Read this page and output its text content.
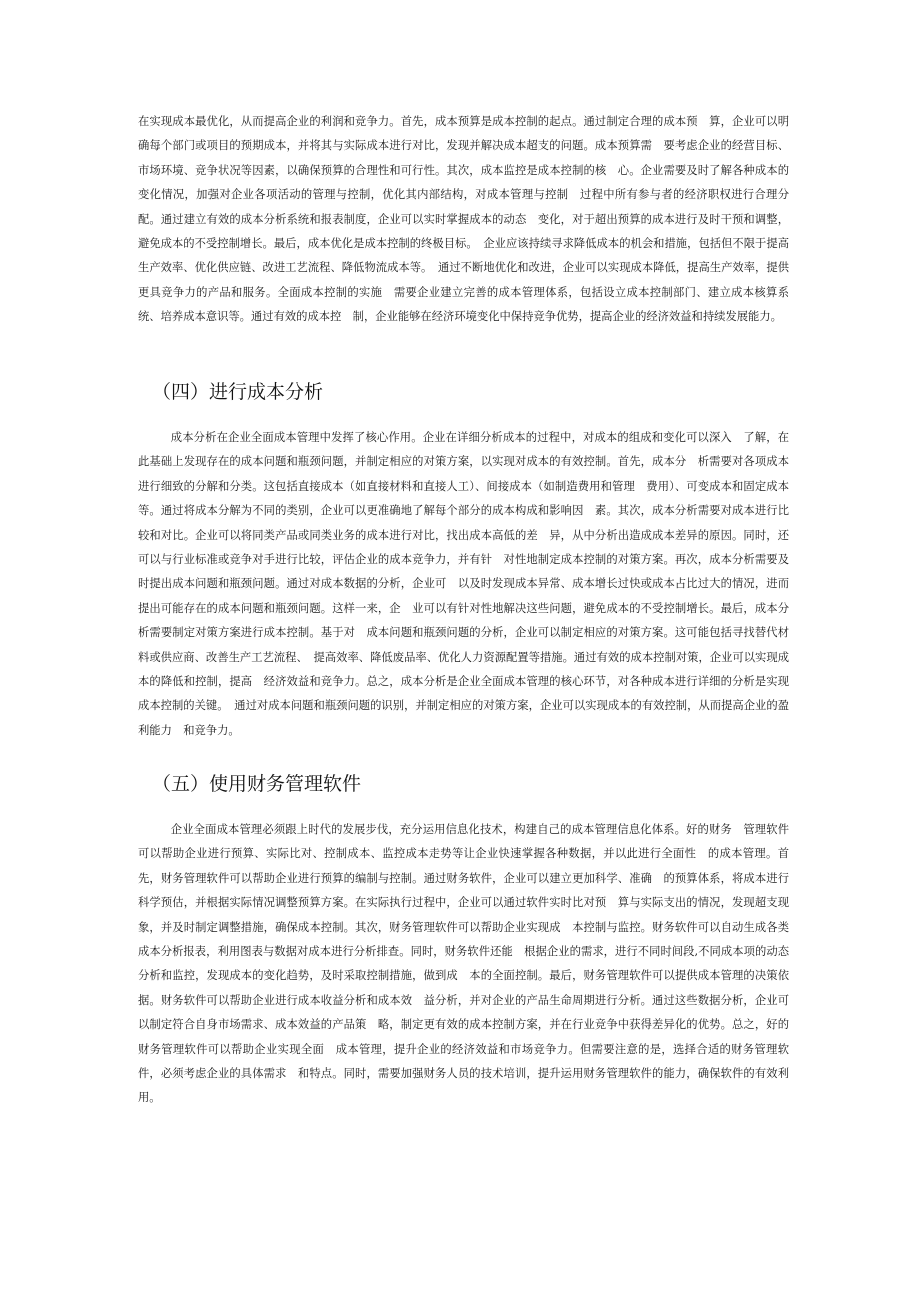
在实现成本最优化，从而提高企业的利润和竞争力。首先，成本预算是成本控制的起点。通过制定合理的成本预　算，企业可以明确每个部门或项目的预期成本，并将其与实际成本进行对比，发现并解决成本超支的问题。成本预算需　要考虑企业的经营目标、市场环境、竞争状况等因素，以确保预算的合理性和可行性。其次，成本监控是成本控制的核　心。企业需要及时了解各种成本的变化情况，加强对企业各项活动的管理与控制，优化其内部结构，对成本管理与控制　过程中所有参与者的经济职权进行合理分配。通过建立有效的成本分析系统和报表制度，企业可以实时掌握成本的动态　变化，对于超出预算的成本进行及时干预和调整，避免成本的不受控制增长。最后，成本优化是成本控制的终极目标。　企业应该持续寻求降低成本的机会和措施，包括但不限于提高生产效率、优化供应链、改进工艺流程、降低物流成本等。　通过不断地优化和改进，企业可以实现成本降低，提高生产效率，提供更具竞争力的产品和服务。全面成本控制的实施　需要企业建立完善的成本管理体系，包括设立成本控制部门、建立成本核算系统、培养成本意识等。通过有效的成本控　制，企业能够在经济环境变化中保持竞争优势，提高企业的经济效益和持续发展能力。

（四）进行成本分析

成本分析在企业全面成本管理中发挥了核心作用。企业在详细分析成本的过程中，对成本的组成和变化可以深入　了解，在此基础上发现存在的成本问题和瓶颈问题，并制定相应的对策方案，以实现对成本的有效控制。首先，成本分　析需要对各项成本进行细致的分解和分类。这包括直接成本（如直接材料和直接人工）、间接成本（如制造费用和管理　费用）、可变成本和固定成本等。通过将成本分解为不同的类别，企业可以更准确地了解每个部分的成本构成和影响因　素。其次，成本分析需要对成本进行比较和对比。企业可以将同类产品或同类业务的成本进行对比，找出成本高低的差　异，从中分析出造成成本差异的原因。同时，还可以与行业标准或竞争对手进行比较，评估企业的成本竞争力，并有针　对性地制定成本控制的对策方案。再次，成本分析需要及时提出成本问题和瓶颈问题。通过对成本数据的分析，企业可　以及时发现成本异常、成本增长过快或成本占比过大的情况，进而提出可能存在的成本问题和瓶颈问题。这样一来，企　业可以有针对性地解决这些问题，避免成本的不受控制增长。最后，成本分析需要制定对策方案进行成本控制。基于对　成本问题和瓶颈问题的分析，企业可以制定相应的对策方案。这可能包括寻找替代材料或供应商、改善生产工艺流程、　提高效率、降低废品率、优化人力资源配置等措施。通过有效的成本控制对策，企业可以实现成本的降低和控制，提高　经济效益和竞争力。总之，成本分析是企业全面成本管理的核心环节，对各种成本进行详细的分析是实现成本控制的关键。　通过对成本问题和瓶颈问题的识别，并制定相应的对策方案，企业可以实现成本的有效控制，从而提高企业的盈利能力　和竞争力。

（五）使用财务管理软件

企业全面成本管理必须跟上时代的发展步伐，充分运用信息化技术，构建自己的成本管理信息化体系。好的财务　管理软件可以帮助企业进行预算、实际比对、控制成本、监控成本走势等让企业快速掌握各种数据，并以此进行全面性　的成本管理。首先，财务管理软件可以帮助企业进行预算的编制与控制。通过财务软件，企业可以建立更加科学、准确　的预算体系，将成本进行科学预估，并根据实际情况调整预算方案。在实际执行过程中，企业可以通过软件实时比对预　算与实际支出的情况，发现超支现象，并及时制定调整措施，确保成本控制。其次，财务管理软件可以帮助企业实现成　本控制与监控。财务软件可以自动生成各类成本分析报表，利用图表与数据对成本进行分析排查。同时，财务软件还能　根据企业的需求，进行不同时间段,不同成本项的动态分析和监控，发现成本的变化趋势，及时采取控制措施，做到成　本的全面控制。最后，财务管理软件可以提供成本管理的决策依据。财务软件可以帮助企业进行成本收益分析和成本效　益分析，并对企业的产品生命周期进行分析。通过这些数据分析，企业可以制定符合自身市场需求、成本效益的产品策　略，制定更有效的成本控制方案，并在行业竞争中获得差异化的优势。总之，好的财务管理软件可以帮助企业实现全面　成本管理，提升企业的经济效益和市场竞争力。但需要注意的是，选择合适的财务管理软件，必须考虑企业的具体需求　和特点。同时，需要加强财务人员的技术培训，提升运用财务管理软件的能力，确保软件的有效利用。
